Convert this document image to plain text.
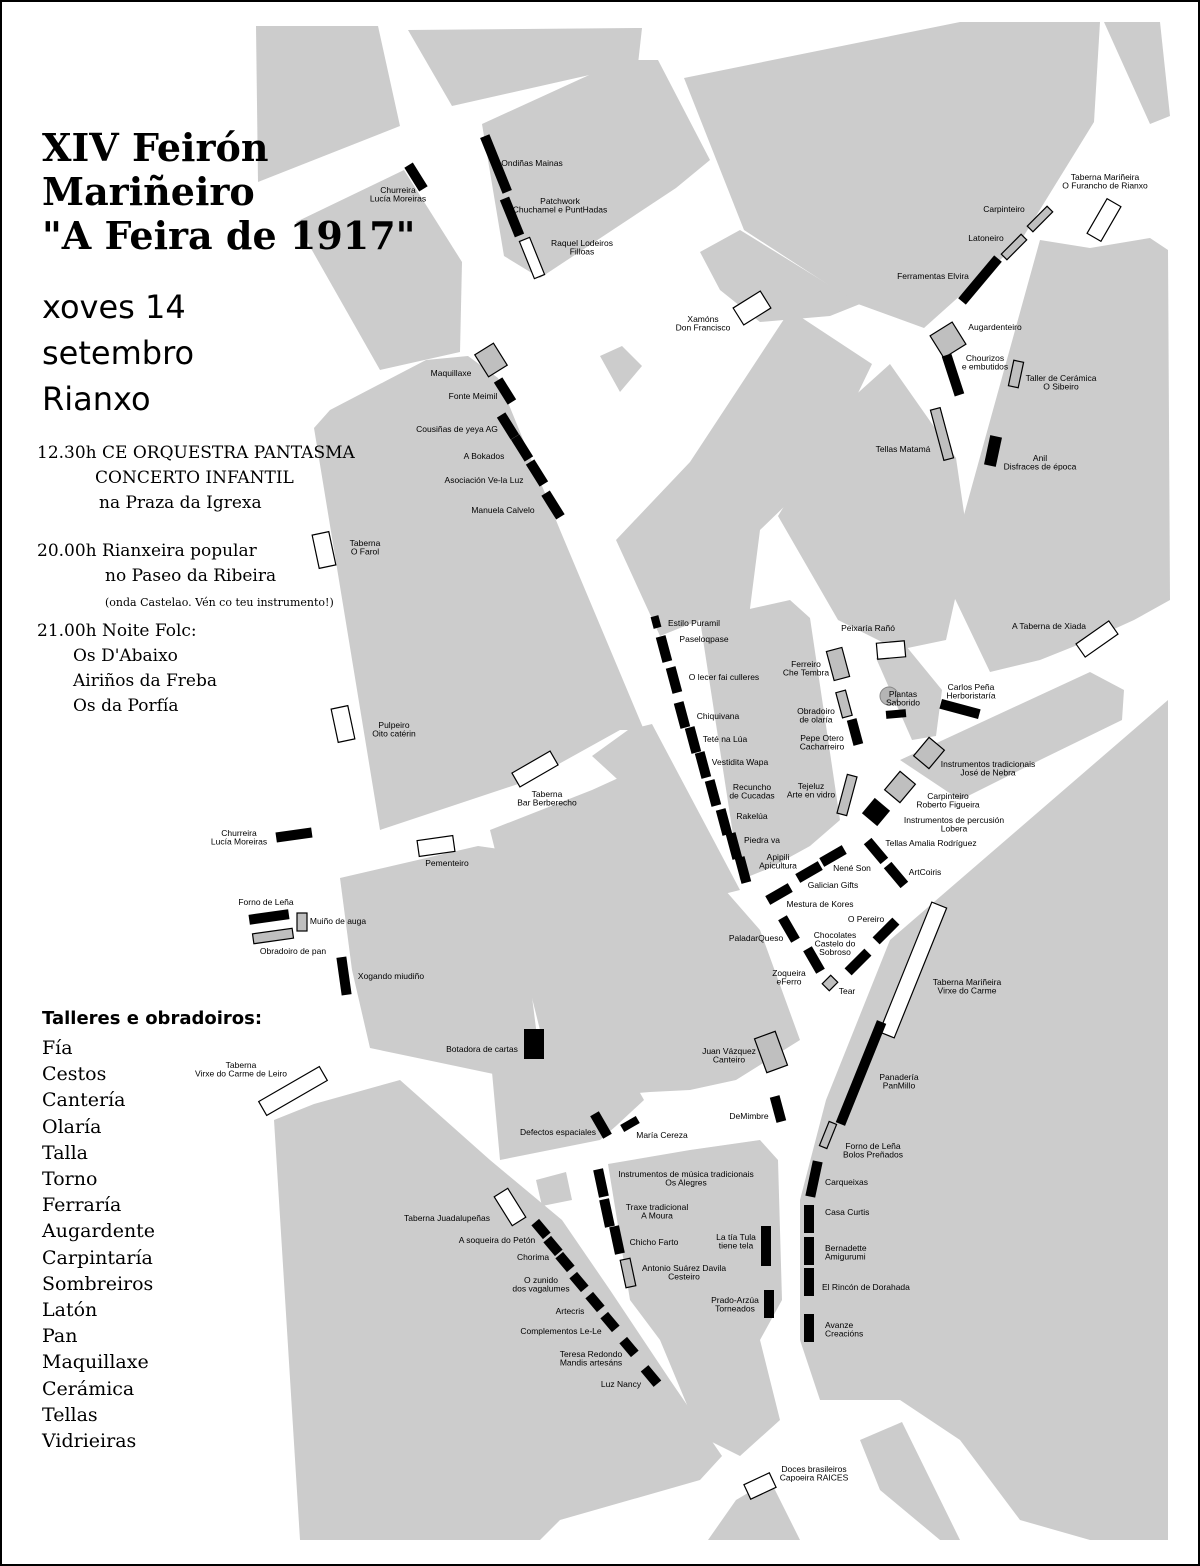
Ondiñas Mainas
Patchwork Chuchamel e PuntHadas
Raquel Lodeiros Filloas
Churreira Lucía Moreiras
Xamóns Don Francisco
Taberna Mariñeira O Furancho de Rianxo
Carpinteiro
Latoneiro
Ferramentas Elvira
Augardenteiro
Chourizos e embutidos
Taller de Cerámica O Sibeiro
Tellas Matamá
Anil Disfraces de época
Maquillaxe
Fonte Meimil
Cousiñas de yeya AG
A Bokados
Asociación Ve-la Luz
Manuela Calvelo
Taberna O Farol
Pulpeiro Oito catérin
Estilo Puramil
Paseloqpase
O lecer fai culleres
Chiquivana
Teté na Lúa
Vestidita Wapa
Recuncho de Cucadas
Rakelúa
Piedra va
Apipili Apicultura
Ferreiro Che Tembra
Obradoiro de olaría
Pepe Otero Cacharreiro
Tejeluz Arte en vidro
Peixaría Rañó	A Taberna de Xiada
Plantas Saborido
Carlos Peña Herboristaría
Instrumentos tradicionais José de Nebra
Carpinteiro Roberto Figueira
Instrumentos de percusión Lobera
Tellas Amalia Rodríguez
ArtCoiris
Nené Son
Galician Gifts
Mestura de Kores
O Pereiro
Chocolates Castelo do Sobroso
PaladarQueso
Zoqueira eFerro
Tear
Taberna Bar Berberecho
Churreira Lucía Moreiras
Pementeiro
Forno de Leña
Muiño de auga
Obradoiro de pan
Xogando miudiño
Taberna Mariñeira Virxe do Carme
Botadora de cartas	Juan Vázquez Canteiro
Taberna Virxe do Carme de Leiro	Panadería PanMillo
DeMimbre
Defectos espaciales	María Cereza
Forno de Leña Bolos Preñados
Instrumentos de música tradicionais Os Alegres
Traxe tradicional A Moura
Chicho Farto
Antonio Suárez Davila Cesteiro
La tía Tula tiene tela
Prado-Arzúa Torneados
Carqueixas
Casa Curtis
Bernadette Amigurumi
El Rincón de Dorahada
Avanze Creacións
Taberna Juadalupeñas
A soqueira do Petón
Chorima
O zunido dos vagalumes
Artecris
Complementos Le-Le
Teresa Redondo Mandis artesáns
Luz Nancy
Doces brasileiros Capoeira RAICES
XIV Feirón
Mariñeiro
"A Feira de 1917"
xoves 14
setembro
Rianxo
12.30h CE ORQUESTRA PANTASMA
CONCERTO INFANTIL
na Praza da Igrexa
20.00h Rianxeira popular
no Paseo da Ribeira
(onda Castelao. Vén co teu instrumento!)
21.00h Noite Folc:
Os D'Abaixo
Airiños da Freba
Os da Porfía
Talleres e obradoiros:
Fía
Cestos
Cantería
Olaría
Talla
Torno
Ferraría
Augardente
Carpintaría
Sombreiros
Latón
Pan
Maquillaxe
Cerámica
Tellas
Vidrieiras
